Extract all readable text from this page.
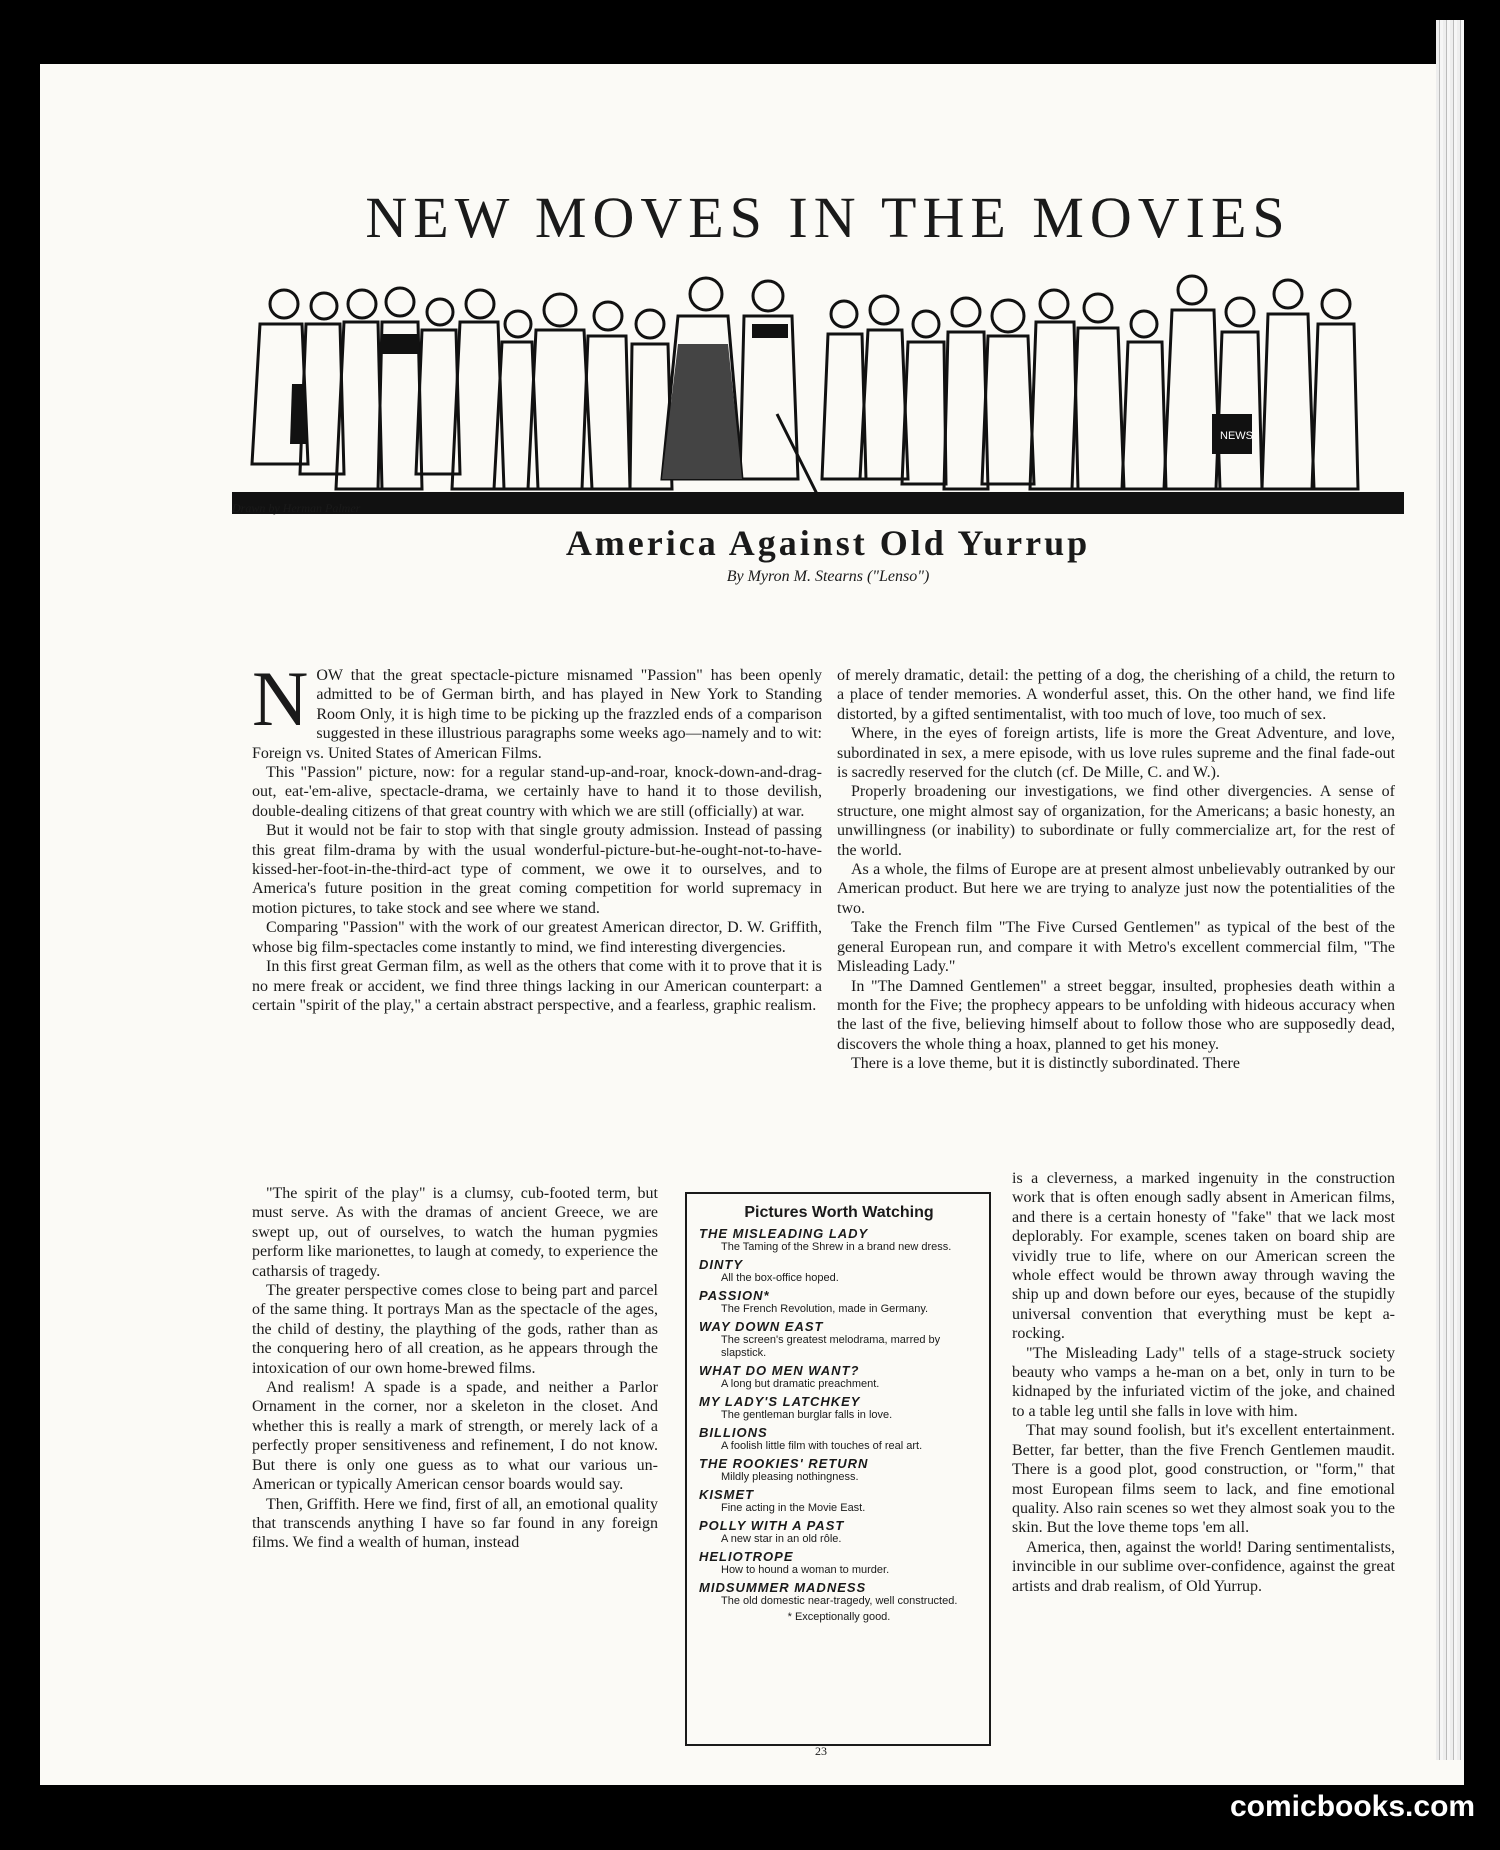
NEW MOVES IN THE MOVIES
NEWS
Drawn by Herman Palmer
America Against Old Yurrup
By Myron M. Stearns ("Lenso")

NOW that the great spectacle-picture misnamed "Passion" has been openly admitted to be of German birth, and has played in New York to Standing Room Only, it is high time to be picking up the frazzled ends of a comparison suggested in these illustrious paragraphs some weeks ago—namely and to wit: Foreign vs. United States of American Films.

This "Passion" picture, now: for a regular stand-up-and-roar, knock-down-and-drag-out, eat-'em-alive, spectacle-drama, we certainly have to hand it to those devilish, double-dealing citizens of that great country with which we are still (officially) at war.

But it would not be fair to stop with that single grouty admission. Instead of passing this great film-drama by with the usual wonderful-picture-but-he-ought-not-to-have-kissed-her-foot-in-the-third-act type of comment, we owe it to ourselves, and to America's future position in the great coming competition for world supremacy in motion pictures, to take stock and see where we stand.

Comparing "Passion" with the work of our greatest American director, D. W. Griffith, whose big film-spectacles come instantly to mind, we find interesting divergencies.

In this first great German film, as well as the others that come with it to prove that it is no mere freak or accident, we find three things lacking in our American counterpart: a certain "spirit of the play," a certain abstract perspective, and a fearless, graphic realism.

"The spirit of the play" is a clumsy, cub-footed term, but must serve. As with the dramas of ancient Greece, we are swept up, out of ourselves, to watch the human pygmies perform like marionettes, to laugh at comedy, to experience the catharsis of tragedy.

The greater perspective comes close to being part and parcel of the same thing. It portrays Man as the spectacle of the ages, the child of destiny, the plaything of the gods, rather than as the conquering hero of all creation, as he appears through the intoxication of our own home-brewed films.

And realism! A spade is a spade, and neither a Parlor Ornament in the corner, nor a skeleton in the closet. And whether this is really a mark of strength, or merely lack of a perfectly proper sensitiveness and refinement, I do not know. But there is only one guess as to what our various un-American or typically American censor boards would say.

Then, Griffith. Here we find, first of all, an emotional quality that transcends anything I have so far found in any foreign films. We find a wealth of human, instead

of merely dramatic, detail: the petting of a dog, the cherishing of a child, the return to a place of tender memories. A wonderful asset, this. On the other hand, we find life distorted, by a gifted sentimentalist, with too much of love, too much of sex.

Where, in the eyes of foreign artists, life is more the Great Adventure, and love, subordinated in sex, a mere episode, with us love rules supreme and the final fade-out is sacredly reserved for the clutch (cf. De Mille, C. and W.).

Properly broadening our investigations, we find other divergencies. A sense of structure, one might almost say of organization, for the Americans; a basic honesty, an unwillingness (or inability) to subordinate or fully commercialize art, for the rest of the world.

As a whole, the films of Europe are at present almost unbelievably outranked by our American product. But here we are trying to analyze just now the potentialities of the two.

Take the French film "The Five Cursed Gentlemen" as typical of the best of the general European run, and compare it with Metro's excellent commercial film, "The Misleading Lady."

In "The Damned Gentlemen" a street beggar, insulted, prophesies death within a month for the Five; the prophecy appears to be unfolding with hideous accuracy when the last of the five, believing himself about to follow those who are supposedly dead, discovers the whole thing a hoax, planned to get his money.

There is a love theme, but it is distinctly subordinated. There

is a cleverness, a marked ingenuity in the construction work that is often enough sadly absent in American films, and there is a certain honesty of "fake" that we lack most deplorably. For example, scenes taken on board ship are vividly true to life, where on our American screen the whole effect would be thrown away through waving the ship up and down before our eyes, because of the stupidly universal convention that everything must be kept a-rocking.

"The Misleading Lady" tells of a stage-struck society beauty who vamps a he-man on a bet, only in turn to be kidnaped by the infuriated victim of the joke, and chained to a table leg until she falls in love with him.

That may sound foolish, but it's excellent entertainment. Better, far better, than the five French Gentlemen maudit. There is a good plot, good construction, or "form," that most European films seem to lack, and fine emotional quality. Also rain scenes so wet they almost soak you to the skin. But the love theme tops 'em all.

America, then, against the world! Daring sentimentalists, invincible in our sublime over-confidence, against the great artists and drab realism, of Old Yurrup.

Pictures Worth Watching
THE MISLEADING LADY
The Taming of the Shrew in a brand new dress.
DINTY
All the box-office hoped.
PASSION*
The French Revolution, made in Germany.
WAY DOWN EAST
The screen's greatest melodrama, marred by slapstick.
WHAT DO MEN WANT?
A long but dramatic preachment.
MY LADY'S LATCHKEY
The gentleman burglar falls in love.
BILLIONS
A foolish little film with touches of real art.
THE ROOKIES' RETURN
Mildly pleasing nothingness.
KISMET
Fine acting in the Movie East.
POLLY WITH A PAST
A new star in an old rôle.
HELIOTROPE
How to hound a woman to murder.
MIDSUMMER MADNESS
The old domestic near-tragedy, well constructed.
* Exceptionally good.
23
comicbooks.com
